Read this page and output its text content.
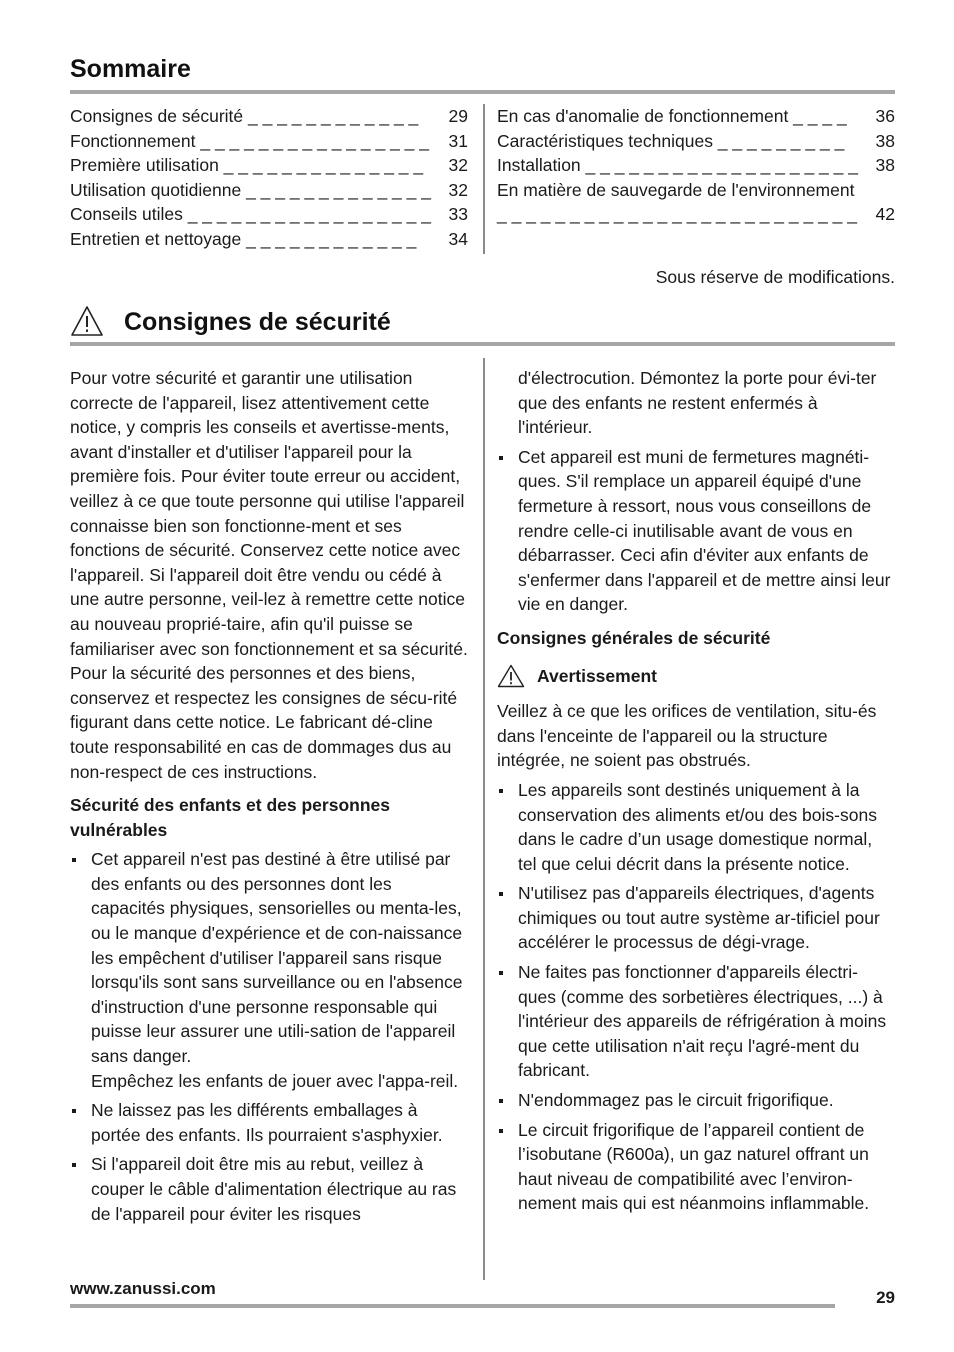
Sommaire
Consignes de sécurité _ _ _ _ _ _ _ _ _ _ _ _ 29
Fonctionnement _ _ _ _ _ _ _ _ _ _ _ _ _ _ _ _ 31
Première utilisation _ _ _ _ _ _ _ _ _ _ _ _ _ _ 32
Utilisation quotidienne _ _ _ _ _ _ _ _ _ _ _ _ _ 32
Conseils utiles _ _ _ _ _ _ _ _ _ _ _ _ _ _ _ _ _ 33
Entretien et nettoyage _ _ _ _ _ _ _ _ _ _ _ _ 34
En cas d'anomalie de fonctionnement _ _ _ _ 36
Caractéristiques techniques _ _ _ _ _ _ _ _ _ 38
Installation _ _ _ _ _ _ _ _ _ _ _ _ _ _ _ _ _ _ _ 38
En matière de sauvegarde de l'environnement
_ _ _ _ _ _ _ _ _ _ _ _ _ _ _ _ _ _ _ _ _ _ _ _ _ 42
Sous réserve de modifications.
Consignes de sécurité

Pour votre sécurité et garantir une utilisation correcte de l'appareil, lisez attentivement cette notice, y compris les conseils et avertisse-ments, avant d'installer et d'utiliser l'appareil pour la première fois. Pour éviter toute erreur ou accident, veillez à ce que toute personne qui utilise l'appareil connaisse bien son fonctionne-ment et ses fonctions de sécurité. Conservez cette notice avec l'appareil. Si l'appareil doit être vendu ou cédé à une autre personne, veil-lez à remettre cette notice au nouveau proprié-taire, afin qu'il puisse se familiariser avec son fonctionnement et sa sécurité.

Pour la sécurité des personnes et des biens, conservez et respectez les consignes de sécu-rité figurant dans cette notice. Le fabricant dé-cline toute responsabilité en cas de dommages dus au non-respect de ces instructions.

Sécurité des enfants et des personnes vulnérables

Cet appareil n'est pas destiné à être utilisé par des enfants ou des personnes dont les capacités physiques, sensorielles ou menta-les, ou le manque d'expérience et de con-naissance les empêchent d'utiliser l'appareil sans risque lorsqu'ils sont sans surveillance ou en l'absence d'instruction d'une personne responsable qui puisse leur assurer une utili-sation de l'appareil sans danger.
Empêchez les enfants de jouer avec l'appa-reil.
Ne laissez pas les différents emballages à portée des enfants. Ils pourraient s'asphyxier.
Si l'appareil doit être mis au rebut, veillez à couper le câble d'alimentation électrique au ras de l'appareil pour éviter les risques

d'électrocution. Démontez la porte pour évi-ter que des enfants ne restent enfermés à l'intérieur.

Cet appareil est muni de fermetures magnéti-ques. S'il remplace un appareil équipé d'une fermeture à ressort, nous vous conseillons de rendre celle-ci inutilisable avant de vous en débarrasser. Ceci afin d'éviter aux enfants de s'enfermer dans l'appareil et de mettre ainsi leur vie en danger.

Consignes générales de sécurité

Avertissement

Veillez à ce que les orifices de ventilation, situ-és dans l'enceinte de l'appareil ou la structure intégrée, ne soient pas obstrués.

Les appareils sont destinés uniquement à la conservation des aliments et/ou des bois-sons dans le cadre d’un usage domestique normal, tel que celui décrit dans la présente notice.
N'utilisez pas d'appareils électriques, d'agents chimiques ou tout autre système ar-tificiel pour accélérer le processus de dégi-vrage.
Ne faites pas fonctionner d'appareils électri-ques (comme des sorbetières électriques, ...) à l'intérieur des appareils de réfrigération à moins que cette utilisation n'ait reçu l'agré-ment du fabricant.
N'endommagez pas le circuit frigorifique.
Le circuit frigorifique de l’appareil contient de l’isobutane (R600a), un gaz naturel offrant un haut niveau de compatibilité avec l’environ-nement mais qui est néanmoins inflammable.
www.zanussi.com	29
